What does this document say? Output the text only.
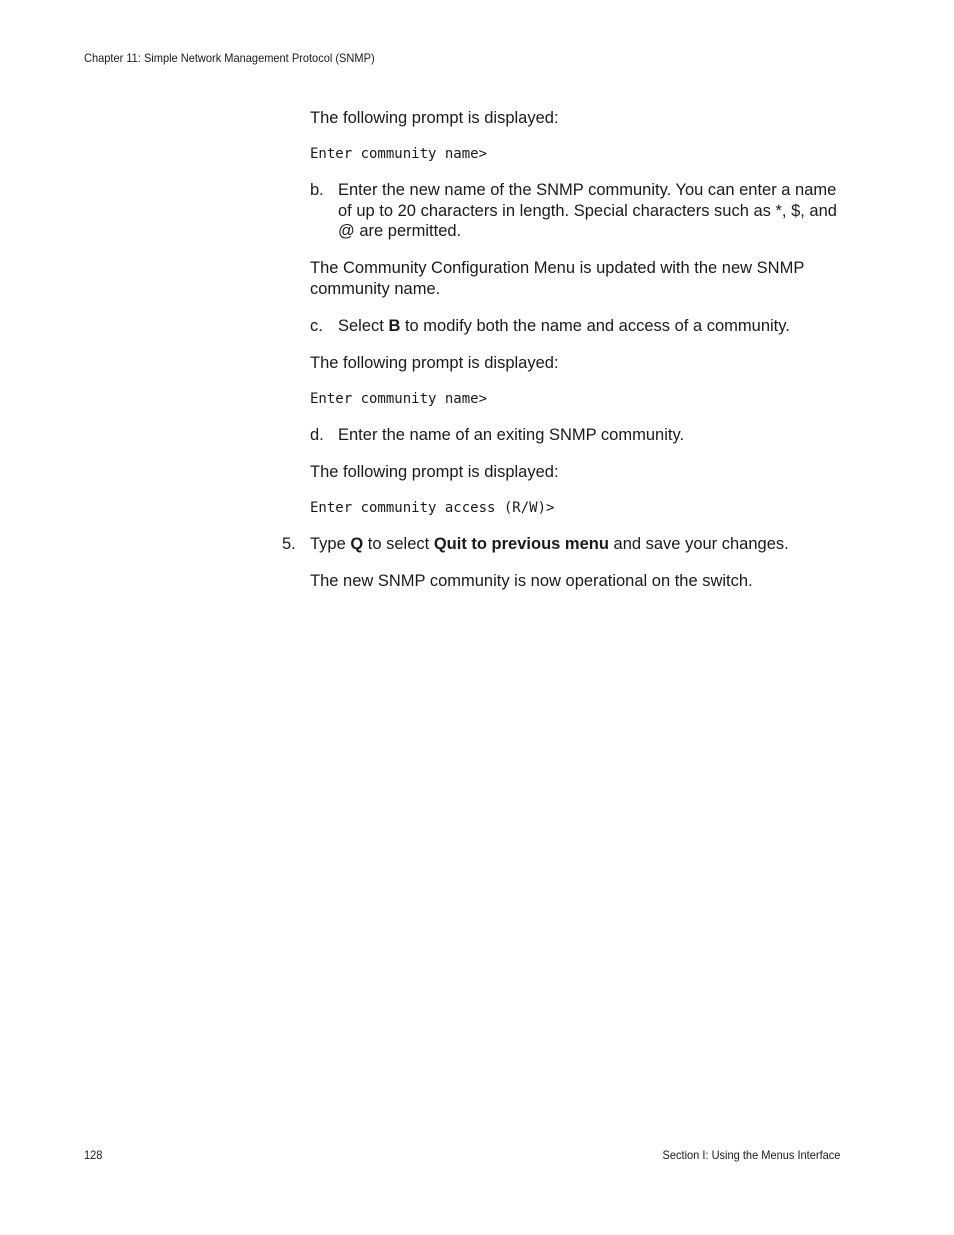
Chapter 11: Simple Network Management Protocol (SNMP)

The following prompt is displayed:

Enter community name>
b. Enter the new name of the SNMP community. You can enter a name of up to 20 characters in length. Special characters such as *, $, and @ are permitted.

The Community Configuration Menu is updated with the new SNMP community name.

c. Select B to modify both the name and access of a community.

The following prompt is displayed:

Enter community name>
d. Enter the name of an exiting SNMP community.

The following prompt is displayed:

Enter community access (R/W)>
5. Type Q to select Quit to previous menu and save your changes.

The new SNMP community is now operational on the switch.

128	Section I: Using the Menus Interface
